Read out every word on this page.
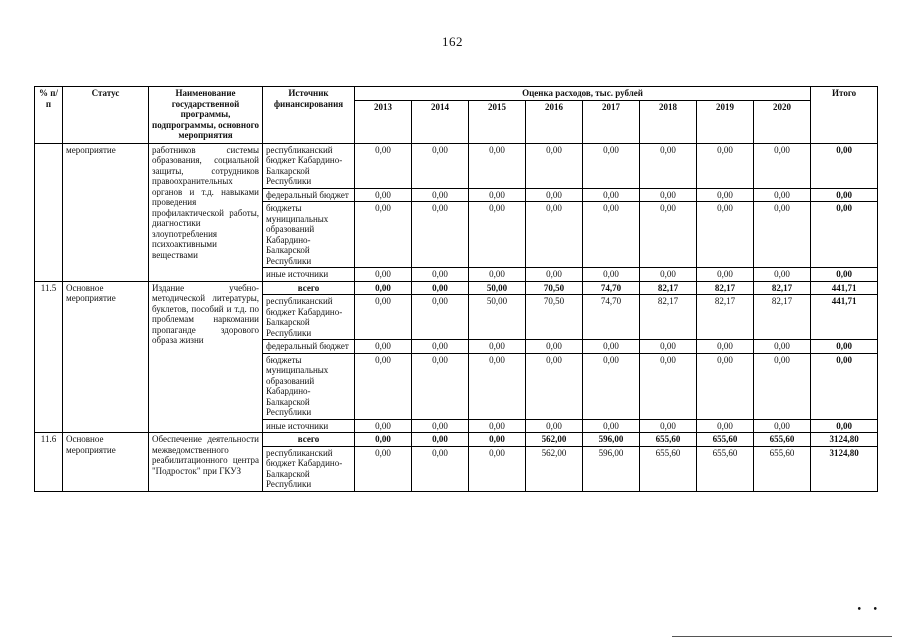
162
% п/п	Статус	Наименование государственной программы, подпрограммы, основного мероприятия	Источник финансирования	Оценка расходов, тыс. рублей								Итого
				2013	2014	2015	2016	2017	2018	2019	2020	
	мероприятие	работников системы образования, социальной защиты, сотрудников правоохранительных органов и т.д. навыками проведения профилактической работы, диагностики злоупотребления психоактивными веществами	республиканский бюджет Кабардино-Балкарской Республики	0,00	0,00	0,00	0,00	0,00	0,00	0,00	0,00	0,00
			федеральный бюджет	0,00	0,00	0,00	0,00	0,00	0,00	0,00	0,00	0,00
			бюджеты муниципальных образований Кабардино-Балкарской Республики	0,00	0,00	0,00	0,00	0,00	0,00	0,00	0,00	0,00
			иные источники	0,00	0,00	0,00	0,00	0,00	0,00	0,00	0,00	0,00
11.5	Основное мероприятие	Издание учебно-методической литературы, буклетов, пособий и т.д. по проблемам наркомании пропаганде здорового образа жизни	всего	0,00	0,00	50,00	70,50	74,70	82,17	82,17	82,17	441,71
			республиканский бюджет Кабардино-Балкарской Республики	0,00	0,00	50,00	70,50	74,70	82,17	82,17	82,17	441,71
			федеральный бюджет	0,00	0,00	0,00	0,00	0,00	0,00	0,00	0,00	0,00
			бюджеты муниципальных образований Кабардино-Балкарской Республики	0,00	0,00	0,00	0,00	0,00	0,00	0,00	0,00	0,00
			иные источники	0,00	0,00	0,00	0,00	0,00	0,00	0,00	0,00	0,00
11.6	Основное мероприятие	Обеспечение деятельности межведомственного реабилитационного центра "Подросток" при ГКУЗ	всего	0,00	0,00	0,00	562,00	596,00	655,60	655,60	655,60	3124,80
			республиканский бюджет Кабардино-Балкарской Республики	0,00	0,00	0,00	562,00	596,00	655,60	655,60	655,60	3124,80
•     •
